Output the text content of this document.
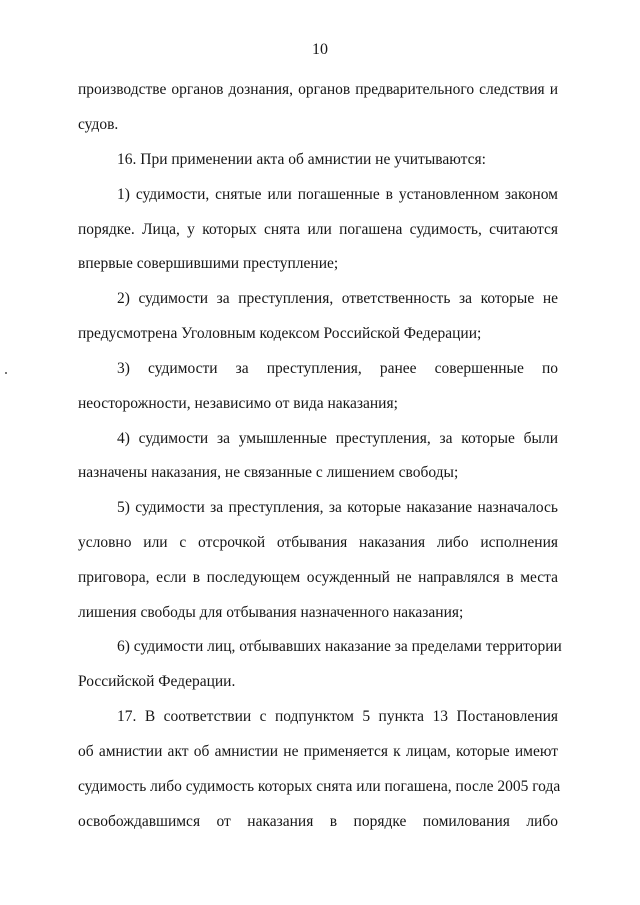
10
производстве органов дознания, органов предварительного следствия и
судов.
16. При применении акта об амнистии не учитываются:
1) судимости, снятые или погашенные в установленном законом
порядке. Лица, у которых снята или погашена судимость, считаются
впервые совершившими преступление;
2) судимости за преступления, ответственность за которые не
предусмотрена Уголовным кодексом Российской Федерации;
3) судимости за преступления, ранее совершенные по
неосторожности, независимо от вида наказания;
4) судимости за умышленные преступления, за которые были
назначены наказания, не связанные с лишением свободы;
5) судимости за преступления, за которые наказание назначалось
условно или с отсрочкой отбывания наказания либо исполнения
приговора, если в последующем осужденный не направлялся в места
лишения свободы для отбывания назначенного наказания;
6) судимости лиц, отбывавших наказание за пределами территории
Российской Федерации.
17. В соответствии с подпунктом 5 пункта 13 Постановления
об амнистии акт об амнистии не применяется к лицам, которые имеют
судимость либо судимость которых снята или погашена, после 2005 года
освобождавшимся от наказания в порядке помилования либо
